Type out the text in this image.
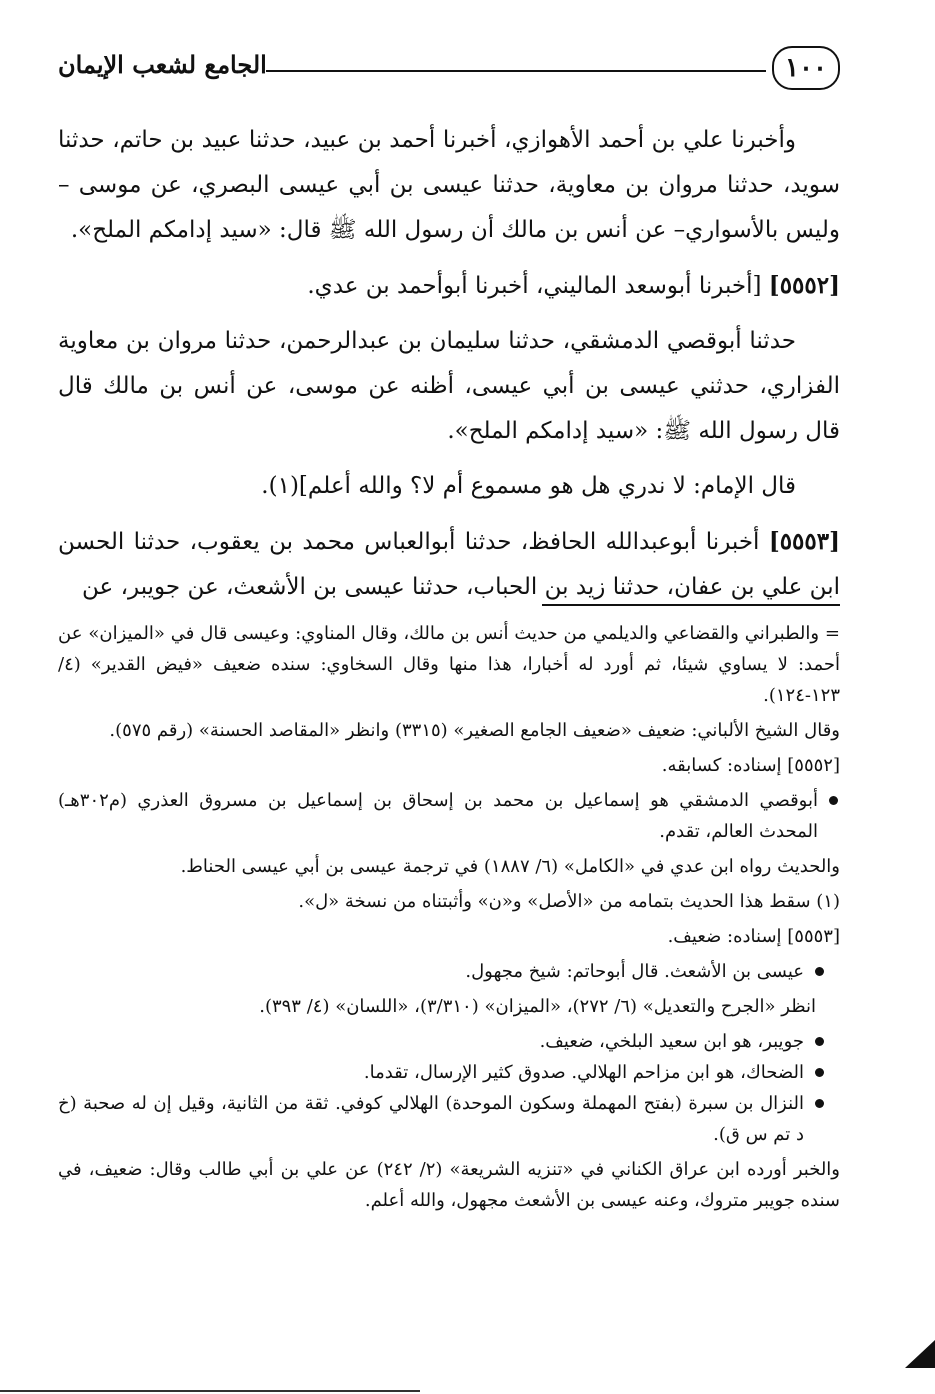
١٠٠
الجامع لشعب الإيمان

وأخبرنا علي بن أحمد الأهوازي، أخبرنا أحمد بن عبيد، حدثنا عبيد بن حاتم، حدثنا سويد، حدثنا مروان بن معاوية، حدثنا عيسى بن أبي عيسى البصري، عن موسى – وليس بالأسواري– عن أنس بن مالك أن رسول الله ﷺ قال: «سيد إدامكم الملح».

[٥٥٥٢] [أخبرنا أبوسعد الماليني، أخبرنا أبوأحمد بن عدي.

حدثنا أبوقصي الدمشقي، حدثنا سليمان بن عبدالرحمن، حدثنا مروان بن معاوية الفزاري، حدثني عيسى بن أبي عيسى، أظنه عن موسى، عن أنس بن مالك قال قال رسول الله ﷺ: «سيد إدامكم الملح».

قال الإمام: لا ندري هل هو مسموع أم لا؟ والله أعلم](١).

[٥٥٥٣] أخبرنا أبوعبدالله الحافظ، حدثنا أبوالعباس محمد بن يعقوب، حدثنا الحسن ابن علي بن عفان، حدثنا زيد بن الحباب، حدثنا عيسى بن الأشعث، عن جويبر، عن

= والطبراني والقضاعي والديلمي من حديث أنس بن مالك، وقال المناوي: وعيسى قال في «الميزان» عن أحمد: لا يساوي شيئا، ثم أورد له أخبارا، هذا منها وقال السخاوي: سنده ضعيف «فيض القدير» (٤/ ١٢٣-١٢٤).

وقال الشيخ الألباني: ضعيف «ضعيف الجامع الصغير» (٣٣١٥) وانظر «المقاصد الحسنة» (رقم ٥٧٥).

[٥٥٥٢] إسناده: كسابقه.

أبوقصي الدمشقي هو إسماعيل بن محمد بن إسحاق بن إسماعيل بن مسروق العذري (م٣٠٢هـ) المحدث العالم، تقدم.

والحديث رواه ابن عدي في «الكامل» (٦/ ١٨٨٧) في ترجمة عيسى بن أبي عيسى الحناط.

(١) سقط هذا الحديث بتمامه من «الأصل» و«ن» وأثبتناه من نسخة «ل».

[٥٥٥٣] إسناده: ضعيف.

عيسى بن الأشعث. قال أبوحاتم: شيخ مجهول.

انظر «الجرح والتعديل» (٦/ ٢٧٢)، «الميزان» (٣/٣١٠)، «اللسان» (٤/ ٣٩٣).

جويبر، هو ابن سعيد البلخي، ضعيف.
الضحاك، هو ابن مزاحم الهلالي. صدوق كثير الإرسال، تقدما.
النزال بن سبرة (بفتح المهملة وسكون الموحدة) الهلالي كوفي. ثقة من الثانية، وقيل إن له صحبة (خ د تم س ق).

والخبر أورده ابن عراق الكناني في «تنزيه الشريعة» (٢/ ٢٤٢) عن علي بن أبي طالب وقال: ضعيف، في سنده جويبر متروك، وعنه عيسى بن الأشعث مجهول، والله أعلم.
